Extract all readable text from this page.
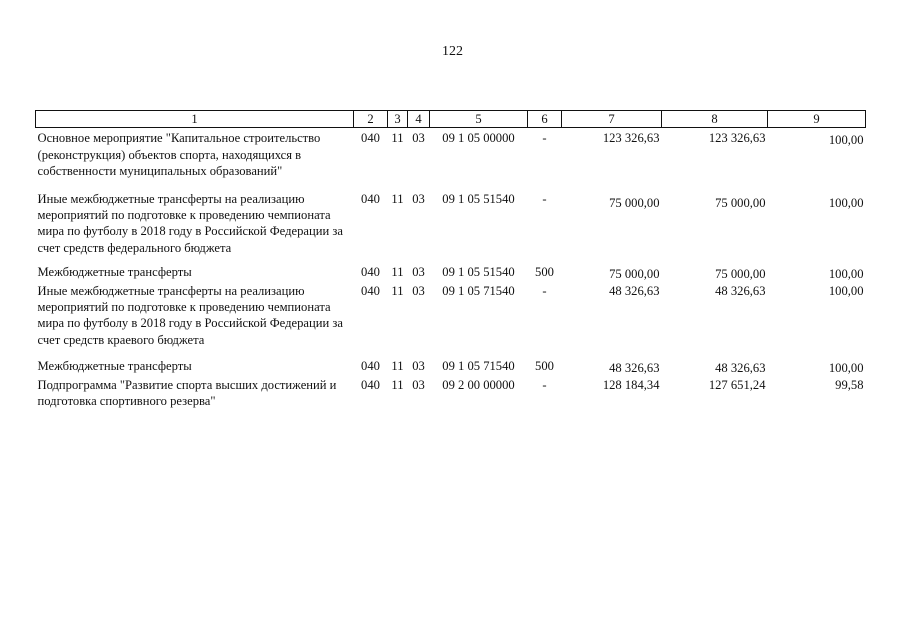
122
1	2	3	4	5	6	7	8	9
Основное мероприятие "Капитальное строительство (реконструкция) объектов спорта, находящихся в собственности муниципальных образований"	040	11	03	09 1 05 00000	-	123 326,63	123 326,63	100,00
Иные межбюджетные трансферты на реализацию мероприятий по подготовке к проведению чемпионата мира по футболу в 2018 году в Российской Федерации за счет средств федерального бюджета	040	11	03	09 1 05 51540	-	75 000,00	75 000,00	100,00
Межбюджетные трансферты	040	11	03	09 1 05 51540	500	75 000,00	75 000,00	100,00
Иные межбюджетные трансферты на реализацию мероприятий по подготовке к проведению чемпионата мира по футболу в 2018 году в Российской Федерации за счет средств краевого бюджета	040	11	03	09 1 05 71540	-	48 326,63	48 326,63	100,00
Межбюджетные трансферты	040	11	03	09 1 05 71540	500	48 326,63	48 326,63	100,00
Подпрограмма "Развитие спорта высших достижений и подготовка спортивного резерва"	040	11	03	09 2 00 00000	-	128 184,34	127 651,24	99,58
